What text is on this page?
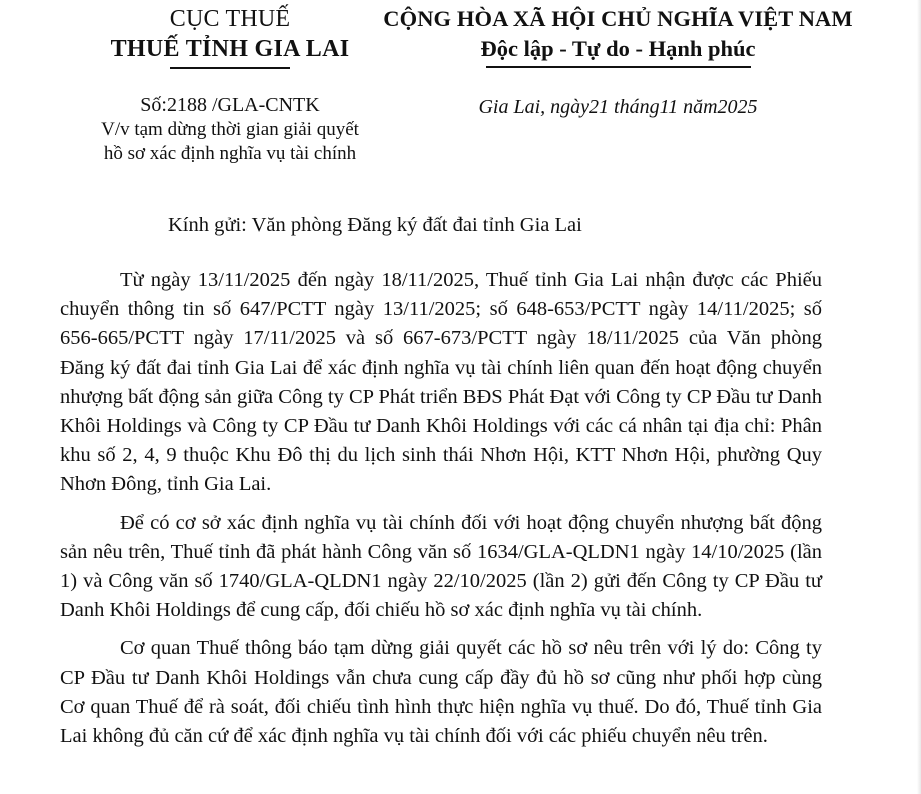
CỤC THUẾ
THUẾ TỈNH GIA LAI
Số:2188 /GLA-CNTK
V/v tạm dừng thời gian giải quyết
hồ sơ xác định nghĩa vụ tài chính
CỘNG HÒA XÃ HỘI CHỦ NGHĨA VIỆT NAM
Độc lập - Tự do - Hạnh phúc
Gia Lai, ngày21 tháng11 năm2025
Kính gửi: Văn phòng Đăng ký đất đai tỉnh Gia Lai

Từ ngày 13/11/2025 đến ngày 18/11/2025, Thuế tỉnh Gia Lai nhận được các Phiếu chuyển thông tin số 647/PCTT ngày 13/11/2025; số 648-653/PCTT ngày 14/11/2025; số 656-665/PCTT ngày 17/11/2025 và số 667-673/PCTT ngày 18/11/2025 của Văn phòng Đăng ký đất đai tỉnh Gia Lai để xác định nghĩa vụ tài chính liên quan đến hoạt động chuyển nhượng bất động sản giữa Công ty CP Phát triển BĐS Phát Đạt với Công ty CP Đầu tư Danh Khôi Holdings và Công ty CP Đầu tư Danh Khôi Holdings với các cá nhân tại địa chỉ: Phân khu số 2, 4, 9 thuộc Khu Đô thị du lịch sinh thái Nhơn Hội, KTT Nhơn Hội, phường Quy Nhơn Đông, tỉnh Gia Lai.

Để có cơ sở xác định nghĩa vụ tài chính đối với hoạt động chuyển nhượng bất động sản nêu trên, Thuế tỉnh đã phát hành Công văn số 1634/GLA-QLDN1 ngày 14/10/2025 (lần 1) và Công văn số 1740/GLA-QLDN1 ngày 22/10/2025 (lần 2) gửi đến Công ty CP Đầu tư Danh Khôi Holdings để cung cấp, đối chiếu hồ sơ xác định nghĩa vụ tài chính.

Cơ quan Thuế thông báo tạm dừng giải quyết các hồ sơ nêu trên với lý do: Công ty CP Đầu tư Danh Khôi Holdings vẫn chưa cung cấp đầy đủ hồ sơ cũng như phối hợp cùng Cơ quan Thuế để rà soát, đối chiếu tình hình thực hiện nghĩa vụ thuế. Do đó, Thuế tỉnh Gia Lai không đủ căn cứ để xác định nghĩa vụ tài chính đối với các phiếu chuyển nêu trên.
